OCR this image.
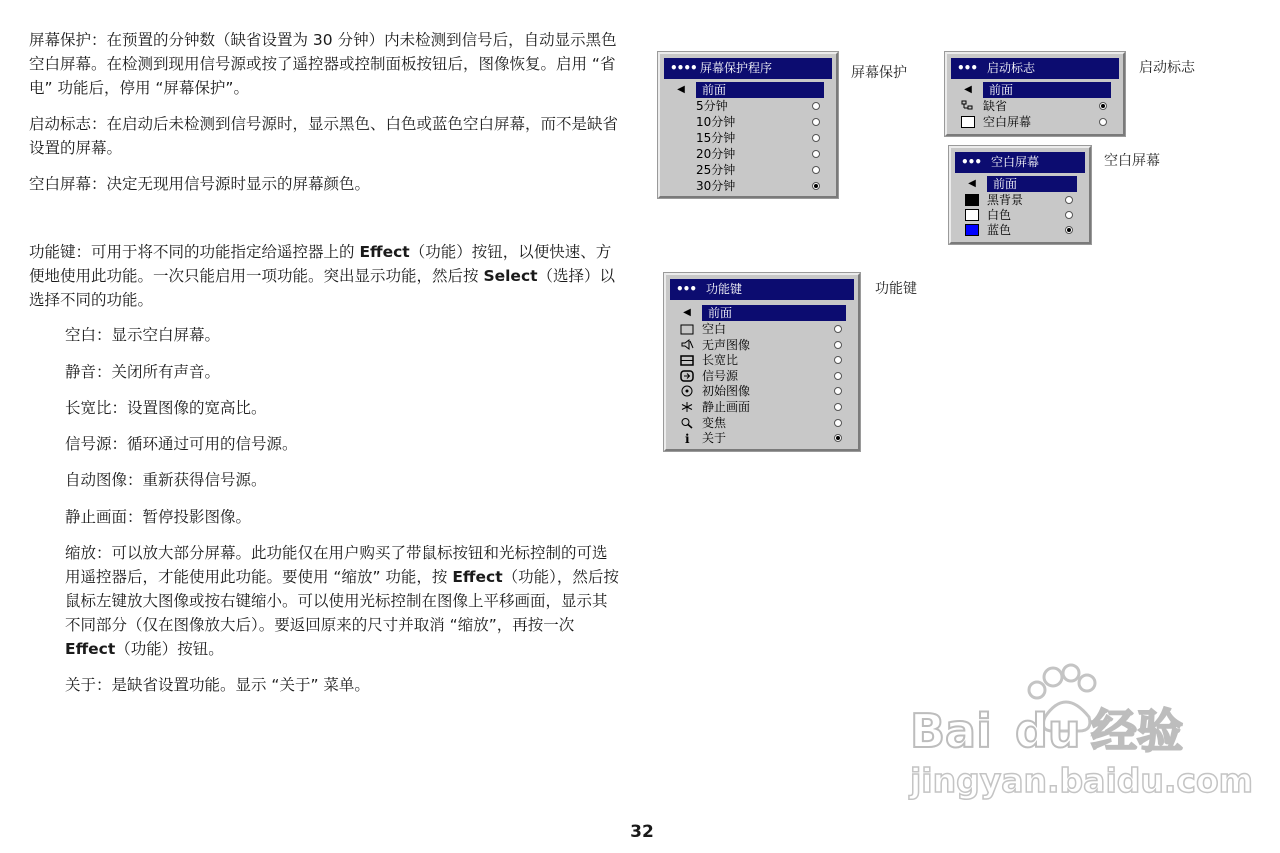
屏幕保护：在预置的分钟数（缺省设置为 30 分钟）内未检测到信号后，自动显示黑色空白屏幕。在检测到现用信号源或按了遥控器或控制面板按钮后，图像恢复。启用 “省电” 功能后，停用 “屏幕保护”。
启动标志：在启动后未检测到信号源时，显示黑色、白色或蓝色空白屏幕，而不是缺省设置的屏幕。
空白屏幕：决定无现用信号源时显示的屏幕颜色。
功能键：可用于将不同的功能指定给遥控器上的 Effect（功能）按钮，以便快速、方便地使用此功能。一次只能启用一项功能。突出显示功能，然后按 Select（选择）以选择不同的功能。
空白：显示空白屏幕。
静音：关闭所有声音。
长宽比：设置图像的宽高比。
信号源：循环通过可用的信号源。
自动图像：重新获得信号源。
静止画面：暂停投影图像。
缩放：可以放大部分屏幕。此功能仅在用户购买了带鼠标按钮和光标控制的可选用遥控器后，才能使用此功能。要使用 “缩放” 功能，按 Effect（功能），然后按鼠标左键放大图像或按右键缩小。可以使用光标控制在图像上平移画面，显示其不同部分（仅在图像放大后）。要返回原来的尺寸并取消 “缩放”，再按一次 Effect（功能）按钮。
关于：是缺省设置功能。显示 “关于” 菜单。
•••• 屏幕保护程序
◀	前面
5分钟
10分钟
15分钟
20分钟
25分钟
30分钟
屏幕保护	••• 启动标志
◀	前面
缺省
空白屏幕
启动标志
••• 空白屏幕
◀	前面
黑背景
白色
蓝色
空白屏幕
••• 功能键
◀	前面
空白
无声图像
长宽比
信号源
初始图像
静止画面
变焦
i 关于
功能键
Bai du 经验
jingyan.baidu.com
32
